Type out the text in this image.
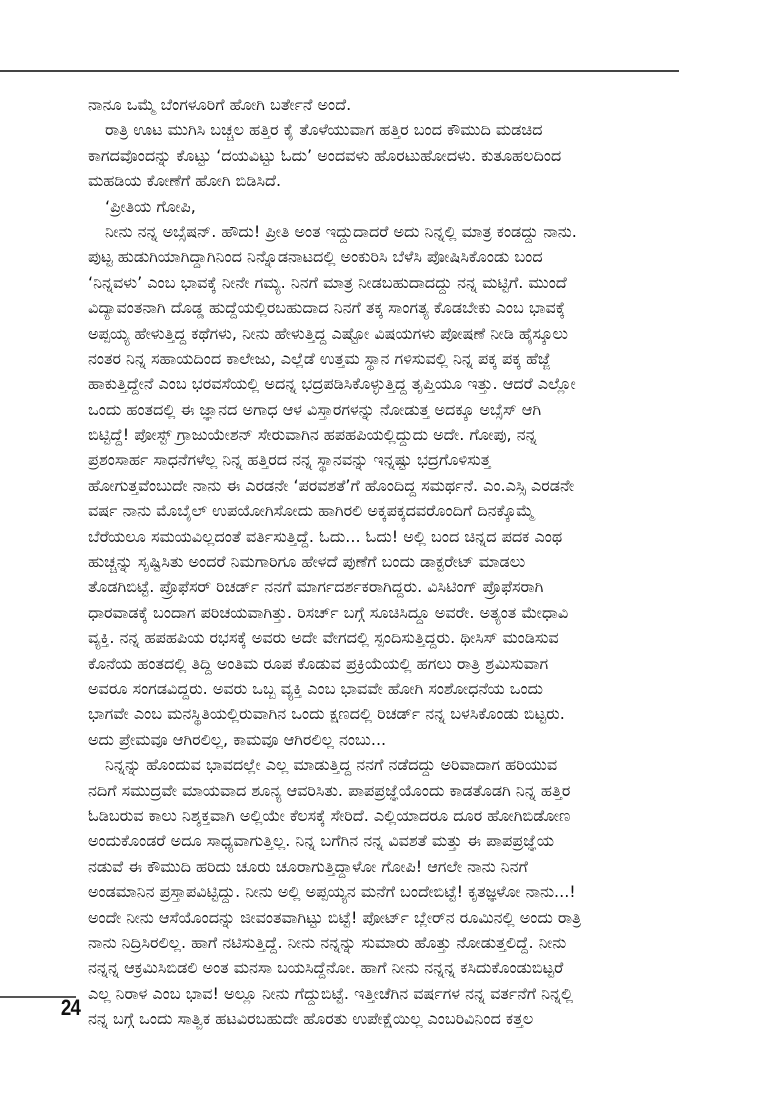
ನಾನೂ ಒಮ್ಮೆ ಬೆಂಗಳೂರಿಗೆ ಹೋಗಿ ಬರ್ತೇನೆ ಅಂದೆ.
ರಾತ್ರಿ ಊಟ ಮುಗಿಸಿ ಬಚ್ಚಲ ಹತ್ತಿರ ಕೈ ತೊಳೆಯುವಾಗ ಹತ್ತಿರ ಬಂದ ಕೌಮುದಿ ಮಡಚಿದ
ಕಾಗದವೊಂದನ್ನು ಕೊಟ್ಟು ‘ದಯವಿಟ್ಟು ಓದು’ ಅಂದವಳು ಹೊರಟುಹೋದಳು. ಕುತೂಹಲದಿಂದ
ಮಹಡಿಯ ಕೋಣೆಗೆ ಹೋಗಿ ಬಿಡಿಸಿದೆ.
‘ಪ್ರೀತಿಯ ಗೋಪಿ,
ನೀನು ನನ್ನ ಅಬ್ಸೆಷನ್. ಹೌದು! ಪ್ರೀತಿ ಅಂತ ಇದ್ದುದಾದರೆ ಅದು ನಿನ್ನಲ್ಲಿ ಮಾತ್ರ ಕಂಡದ್ದು ನಾನು.
ಪುಟ್ಟ ಹುಡುಗಿಯಾಗಿದ್ದಾಗಿನಿಂದ ನಿನ್ನೊಡನಾಟದಲ್ಲಿ ಅಂಕುರಿಸಿ ಬೆಳೆಸಿ ಪೋಷಿಸಿಕೊಂಡು ಬಂದ
‘ನಿನ್ನವಳು’ ಎಂಬ ಭಾವಕ್ಕೆ ನೀನೇ ಗಮ್ಯ. ನಿನಗೆ ಮಾತ್ರ ನೀಡಬಹುದಾದದ್ದು ನನ್ನ ಮಟ್ಟಿಗೆ. ಮುಂದೆ
ವಿದ್ಯಾವಂತನಾಗಿ ದೊಡ್ಡ ಹುದ್ದೆಯಲ್ಲಿರಬಹುದಾದ ನಿನಗೆ ತಕ್ಕ ಸಾಂಗತ್ಯ ಕೊಡಬೇಕು ಎಂಬ ಭಾವಕ್ಕೆ
ಅಪ್ಪಯ್ಯ ಹೇಳುತ್ತಿದ್ದ ಕಥೆಗಳು, ನೀನು ಹೇಳುತ್ತಿದ್ದ ಎಷ್ಟೋ ವಿಷಯಗಳು ಪೋಷಣೆ ನೀಡಿ ಹೈಸ್ಕೂಲು
ನಂತರ ನಿನ್ನ ಸಹಾಯದಿಂದ ಕಾಲೇಜು, ಎಲ್ಲೆಡೆ ಉತ್ತಮ ಸ್ಥಾನ ಗಳಿಸುವಲ್ಲಿ ನಿನ್ನ ಪಕ್ಕ ಪಕ್ಕ ಹೆಜ್ಜೆ
ಹಾಕುತ್ತಿದ್ದೇನೆ ಎಂಬ ಭರವಸೆಯಲ್ಲಿ ಅದನ್ನ ಭದ್ರಪಡಿಸಿಕೊಳ್ಳುತ್ತಿದ್ದ ತೃಪ್ತಿಯೂ ಇತ್ತು. ಆದರೆ ಎಲ್ಲೋ
ಒಂದು ಹಂತದಲ್ಲಿ ಈ ಜ್ಞಾನದ ಅಗಾಧ ಆಳ ವಿಸ್ತಾರಗಳನ್ನು ನೋಡುತ್ತ ಅದಕ್ಕೂ ಅಬ್ಸೆಸ್ ಆಗಿ
ಬಿಟ್ಟಿದ್ದೆ! ಪೋಸ್ಟ್ ಗ್ರಾಜುಯೇಶನ್ ಸೇರುವಾಗಿನ ಹಪಹಪಿಯಲ್ಲಿದ್ದುದು ಅದೇ. ಗೋಪು, ನನ್ನ
ಪ್ರಶಂಸಾರ್ಹ ಸಾಧನೆಗಳೆಲ್ಲ ನಿನ್ನ ಹತ್ತಿರದ ನನ್ನ ಸ್ಥಾನವನ್ನು ಇನ್ನಷ್ಟು ಭದ್ರಗೊಳಿಸುತ್ತ
ಹೋಗುತ್ತವೆಂಬುದೇ ನಾನು ಈ ಎರಡನೇ ‘ಪರವಶತೆ’ಗೆ ಹೊಂದಿದ್ದ ಸಮರ್ಥನೆ. ಎಂ.ಎಸ್ಸಿ ಎರಡನೇ
ವರ್ಷ ನಾನು ಮೊಬೈಲ್ ಉಪಯೋಗಿಸೋದು ಹಾಗಿರಲಿ ಅಕ್ಕಪಕ್ಕದವರೊಂದಿಗೆ ದಿನಕ್ಕೊಮ್ಮೆ
ಬೆರೆಯಲೂ ಸಮಯವಿಲ್ಲದಂತೆ ವರ್ತಿಸುತ್ತಿದ್ದೆ. ಓದು... ಓದು! ಅಲ್ಲಿ ಬಂದ ಚಿನ್ನದ ಪದಕ ಎಂಥ
ಹುಚ್ಚನ್ನು ಸೃಷ್ಟಿಸಿತು ಅಂದರೆ ನಿಮಗಾರಿಗೂ ಹೇಳದೆ ಪುಣೆಗೆ ಬಂದು ಡಾಕ್ಟರೇಟ್ ಮಾಡಲು
ತೊಡಗಿಬಿಟ್ಟೆ. ಪ್ರೊಫೆಸರ್ ರಿಚರ್ಡ್ ನನಗೆ ಮಾರ್ಗದರ್ಶಕರಾಗಿದ್ದರು. ವಿಸಿಟಿಂಗ್ ಪ್ರೊಫೆಸರಾಗಿ
ಧಾರವಾಡಕ್ಕೆ ಬಂದಾಗ ಪರಿಚಯವಾಗಿತ್ತು. ರಿಸರ್ಚ್ ಬಗ್ಗೆ ಸೂಚಿಸಿದ್ದೂ ಅವರೇ. ಅತ್ಯಂತ ಮೇಧಾವಿ
ವ್ಯಕ್ತಿ. ನನ್ನ ಹಪಹಪಿಯ ರಭಸಕ್ಕೆ ಅವರು ಅದೇ ವೇಗದಲ್ಲಿ ಸ್ಪಂದಿಸುತ್ತಿದ್ದರು. ಥೀಸಿಸ್ ಮಂಡಿಸುವ
ಕೊನೆಯ ಹಂತದಲ್ಲಿ ತಿದ್ದಿ ಅಂತಿಮ ರೂಪ ಕೊಡುವ ಪ್ರಕ್ರಿಯೆಯಲ್ಲಿ ಹಗಲು ರಾತ್ರಿ ಶ್ರಮಿಸುವಾಗ
ಅವರೂ ಸಂಗಡವಿದ್ದರು. ಅವರು ಒಬ್ಬ ವ್ಯಕ್ತಿ ಎಂಬ ಭಾವವೇ ಹೋಗಿ ಸಂಶೋಧನೆಯ ಒಂದು
ಭಾಗವೇ ಎಂಬ ಮನಸ್ಥಿತಿಯಲ್ಲಿರುವಾಗಿನ ಒಂದು ಕ್ಷಣದಲ್ಲಿ ರಿಚರ್ಡ್ ನನ್ನ ಬಳಸಿಕೊಂಡು ಬಿಟ್ಟರು.
ಅದು ಪ್ರೇಮವೂ ಆಗಿರಲಿಲ್ಲ, ಕಾಮವೂ ಆಗಿರಲಿಲ್ಲ ನಂಬು...
ನಿನ್ನನ್ನು ಹೊಂದುವ ಭಾವದಲ್ಲೇ ಎಲ್ಲ ಮಾಡುತ್ತಿದ್ದ ನನಗೆ ನಡೆದದ್ದು ಅರಿವಾದಾಗ ಹರಿಯುವ
ನದಿಗೆ ಸಮುದ್ರವೇ ಮಾಯವಾದ ಶೂನ್ಯ ಆವರಿಸಿತು. ಪಾಪಪ್ರಜ್ಞೆಯೊಂದು ಕಾಡತೊಡಗಿ ನಿನ್ನ ಹತ್ತಿರ
ಓಡಿಬರುವ ಕಾಲು ನಿಶ್ಶಕ್ತವಾಗಿ ಅಲ್ಲಿಯೇ ಕೆಲಸಕ್ಕೆ ಸೇರಿದೆ. ಎಲ್ಲಿಯಾದರೂ ದೂರ ಹೋಗಿಬಿಡೋಣ
ಅಂದುಕೊಂಡರೆ ಅದೂ ಸಾಧ್ಯವಾಗುತ್ತಿಲ್ಲ. ನಿನ್ನ ಬಗೆಗಿನ ನನ್ನ ವಿವಶತೆ ಮತ್ತು ಈ ಪಾಪಪ್ರಜ್ಞೆಯ
ನಡುವೆ ಈ ಕೌಮುದಿ ಹರಿದು ಚೂರು ಚೂರಾಗುತ್ತಿದ್ದಾಳೋ ಗೋಪಿ! ಆಗಲೇ ನಾನು ನಿನಗೆ
ಅಂಡಮಾನಿನ ಪ್ರಸ್ತಾಪವಿಟ್ಟಿದ್ದು. ನೀನು ಅಲ್ಲಿ ಅಪ್ಪಯ್ಯನ ಮನೆಗೆ ಬಂದೇಬಿಟ್ಟೆ! ಕೃತಜ್ಞಳೋ ನಾನು...!
ಅಂದೇ ನೀನು ಆಸೆಯೊಂದನ್ನು ಜೀವಂತವಾಗಿಟ್ಟು ಬಿಟ್ಟೆ! ಪೋರ್ಟ್ ಬ್ಲೇರ್‌ನ ರೂಮಿನಲ್ಲಿ ಅಂದು ರಾತ್ರಿ
ನಾನು ನಿದ್ರಿಸಿರಲಿಲ್ಲ. ಹಾಗೆ ನಟಿಸುತ್ತಿದ್ದೆ. ನೀನು ನನ್ನನ್ನು ಸುಮಾರು ಹೊತ್ತು ನೋಡುತ್ತಲಿದ್ದೆ. ನೀನು
ನನ್ನನ್ನ ಆಕ್ರಮಿಸಿಬಿಡಲಿ ಅಂತ ಮನಸಾ ಬಯಸಿದ್ದೆನೋ. ಹಾಗೆ ನೀನು ನನ್ನನ್ನ ಕಸಿದುಕೊಂಡುಬಿಟ್ಟರೆ
ಎಲ್ಲ ನಿರಾಳ ಎಂಬ ಭಾವ! ಅಲ್ಲೂ ನೀನು ಗೆದ್ದುಬಿಟ್ಟೆ. ಇತ್ತೀಚೆಗಿನ ವರ್ಷಗಳ ನನ್ನ ವರ್ತನೆಗೆ ನಿನ್ನಲ್ಲಿ
ನನ್ನ ಬಗ್ಗೆ ಒಂದು ಸಾತ್ವಿಕ ಹಟವಿರಬಹುದೇ ಹೊರತು ಉಪೇಕ್ಷೆಯಿಲ್ಲ ಎಂಬರಿವಿನಿಂದ ಕತ್ತಲ
24
